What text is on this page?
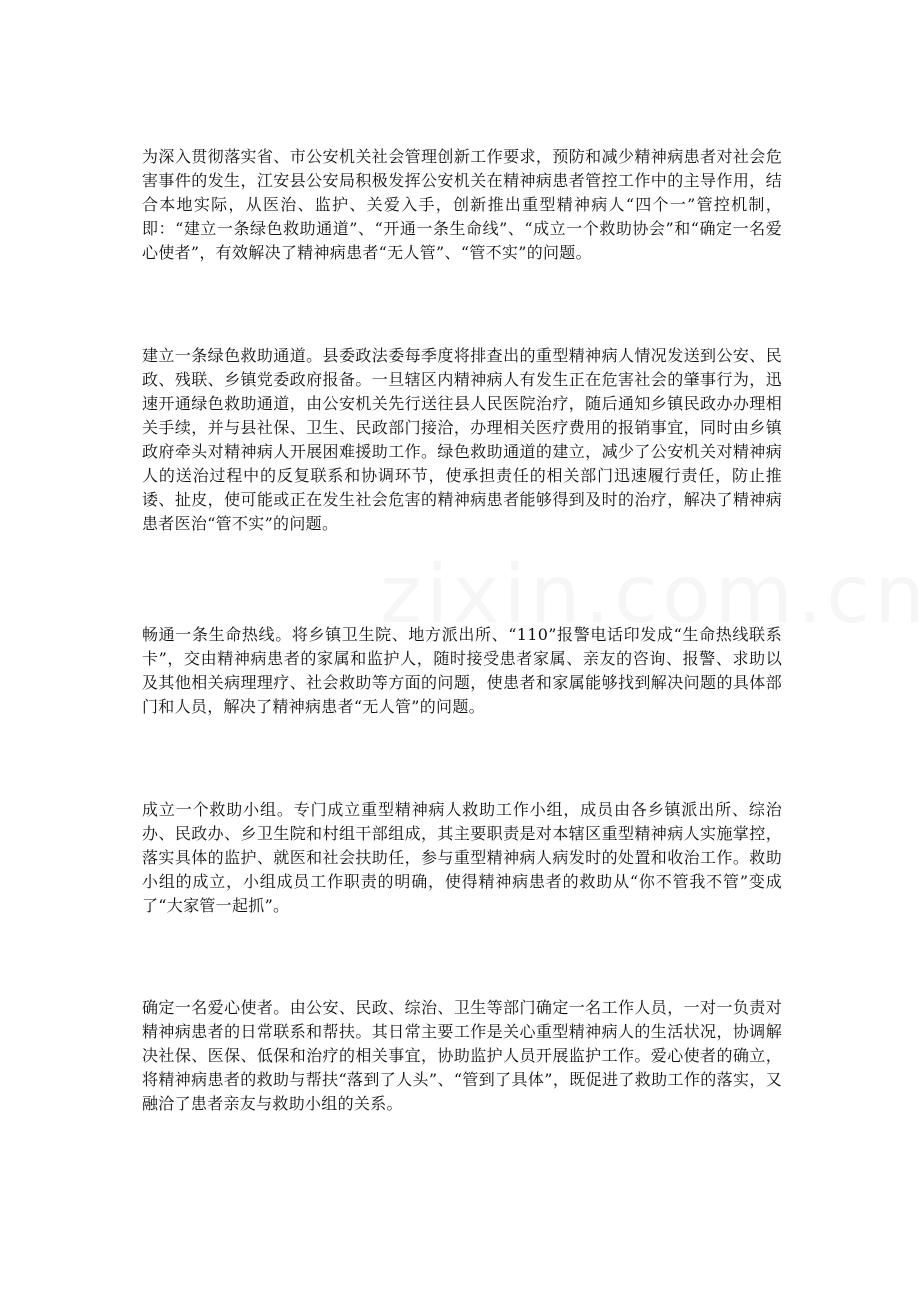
为深入贯彻落实省、市公安机关社会管理创新工作要求，预防和减少精神病患者对社会危害事件的发生，江安县公安局积极发挥公安机关在精神病患者管控工作中的主导作用，结合本地实际，从医治、监护、关爱入手，创新推出重型精神病人“四个一”管控机制，即：“建立一条绿色救助通道”、“开通一条生命线”、“成立一个救助协会”和“确定一名爱心使者”，有效解决了精神病患者“无人管”、“管不实”的问题。

建立一条绿色救助通道。县委政法委每季度将排查出的重型精神病人情况发送到公安、民政、残联、乡镇党委政府报备。一旦辖区内精神病人有发生正在危害社会的肇事行为，迅速开通绿色救助通道，由公安机关先行送往县人民医院治疗，随后通知乡镇民政办办理相关手续，并与县社保、卫生、民政部门接洽，办理相关医疗费用的报销事宜，同时由乡镇政府牵头对精神病人开展困难援助工作。绿色救助通道的建立，减少了公安机关对精神病人的送治过程中的反复联系和协调环节，使承担责任的相关部门迅速履行责任，防止推诿、扯皮，使可能或正在发生社会危害的精神病患者能够得到及时的治疗，解决了精神病患者医治“管不实”的问题。

畅通一条生命热线。将乡镇卫生院、地方派出所、“110”报警电话印发成“生命热线联系卡”，交由精神病患者的家属和监护人，随时接受患者家属、亲友的咨询、报警、求助以及其他相关病理理疗、社会救助等方面的问题，使患者和家属能够找到解决问题的具体部门和人员，解决了精神病患者“无人管”的问题。

成立一个救助小组。专门成立重型精神病人救助工作小组，成员由各乡镇派出所、综治办、民政办、乡卫生院和村组干部组成，其主要职责是对本辖区重型精神病人实施掌控，落实具体的监护、就医和社会扶助任，参与重型精神病人病发时的处置和收治工作。救助小组的成立，小组成员工作职责的明确，使得精神病患者的救助从“你不管我不管”变成了“大家管一起抓”。

确定一名爱心使者。由公安、民政、综治、卫生等部门确定一名工作人员，一对一负责对精神病患者的日常联系和帮扶。其日常主要工作是关心重型精神病人的生活状况，协调解决社保、医保、低保和治疗的相关事宜，协助监护人员开展监护工作。爱心使者的确立，将精神病患者的救助与帮扶“落到了人头”、“管到了具体”，既促进了救助工作的落实，又融洽了患者亲友与救助小组的关系。
